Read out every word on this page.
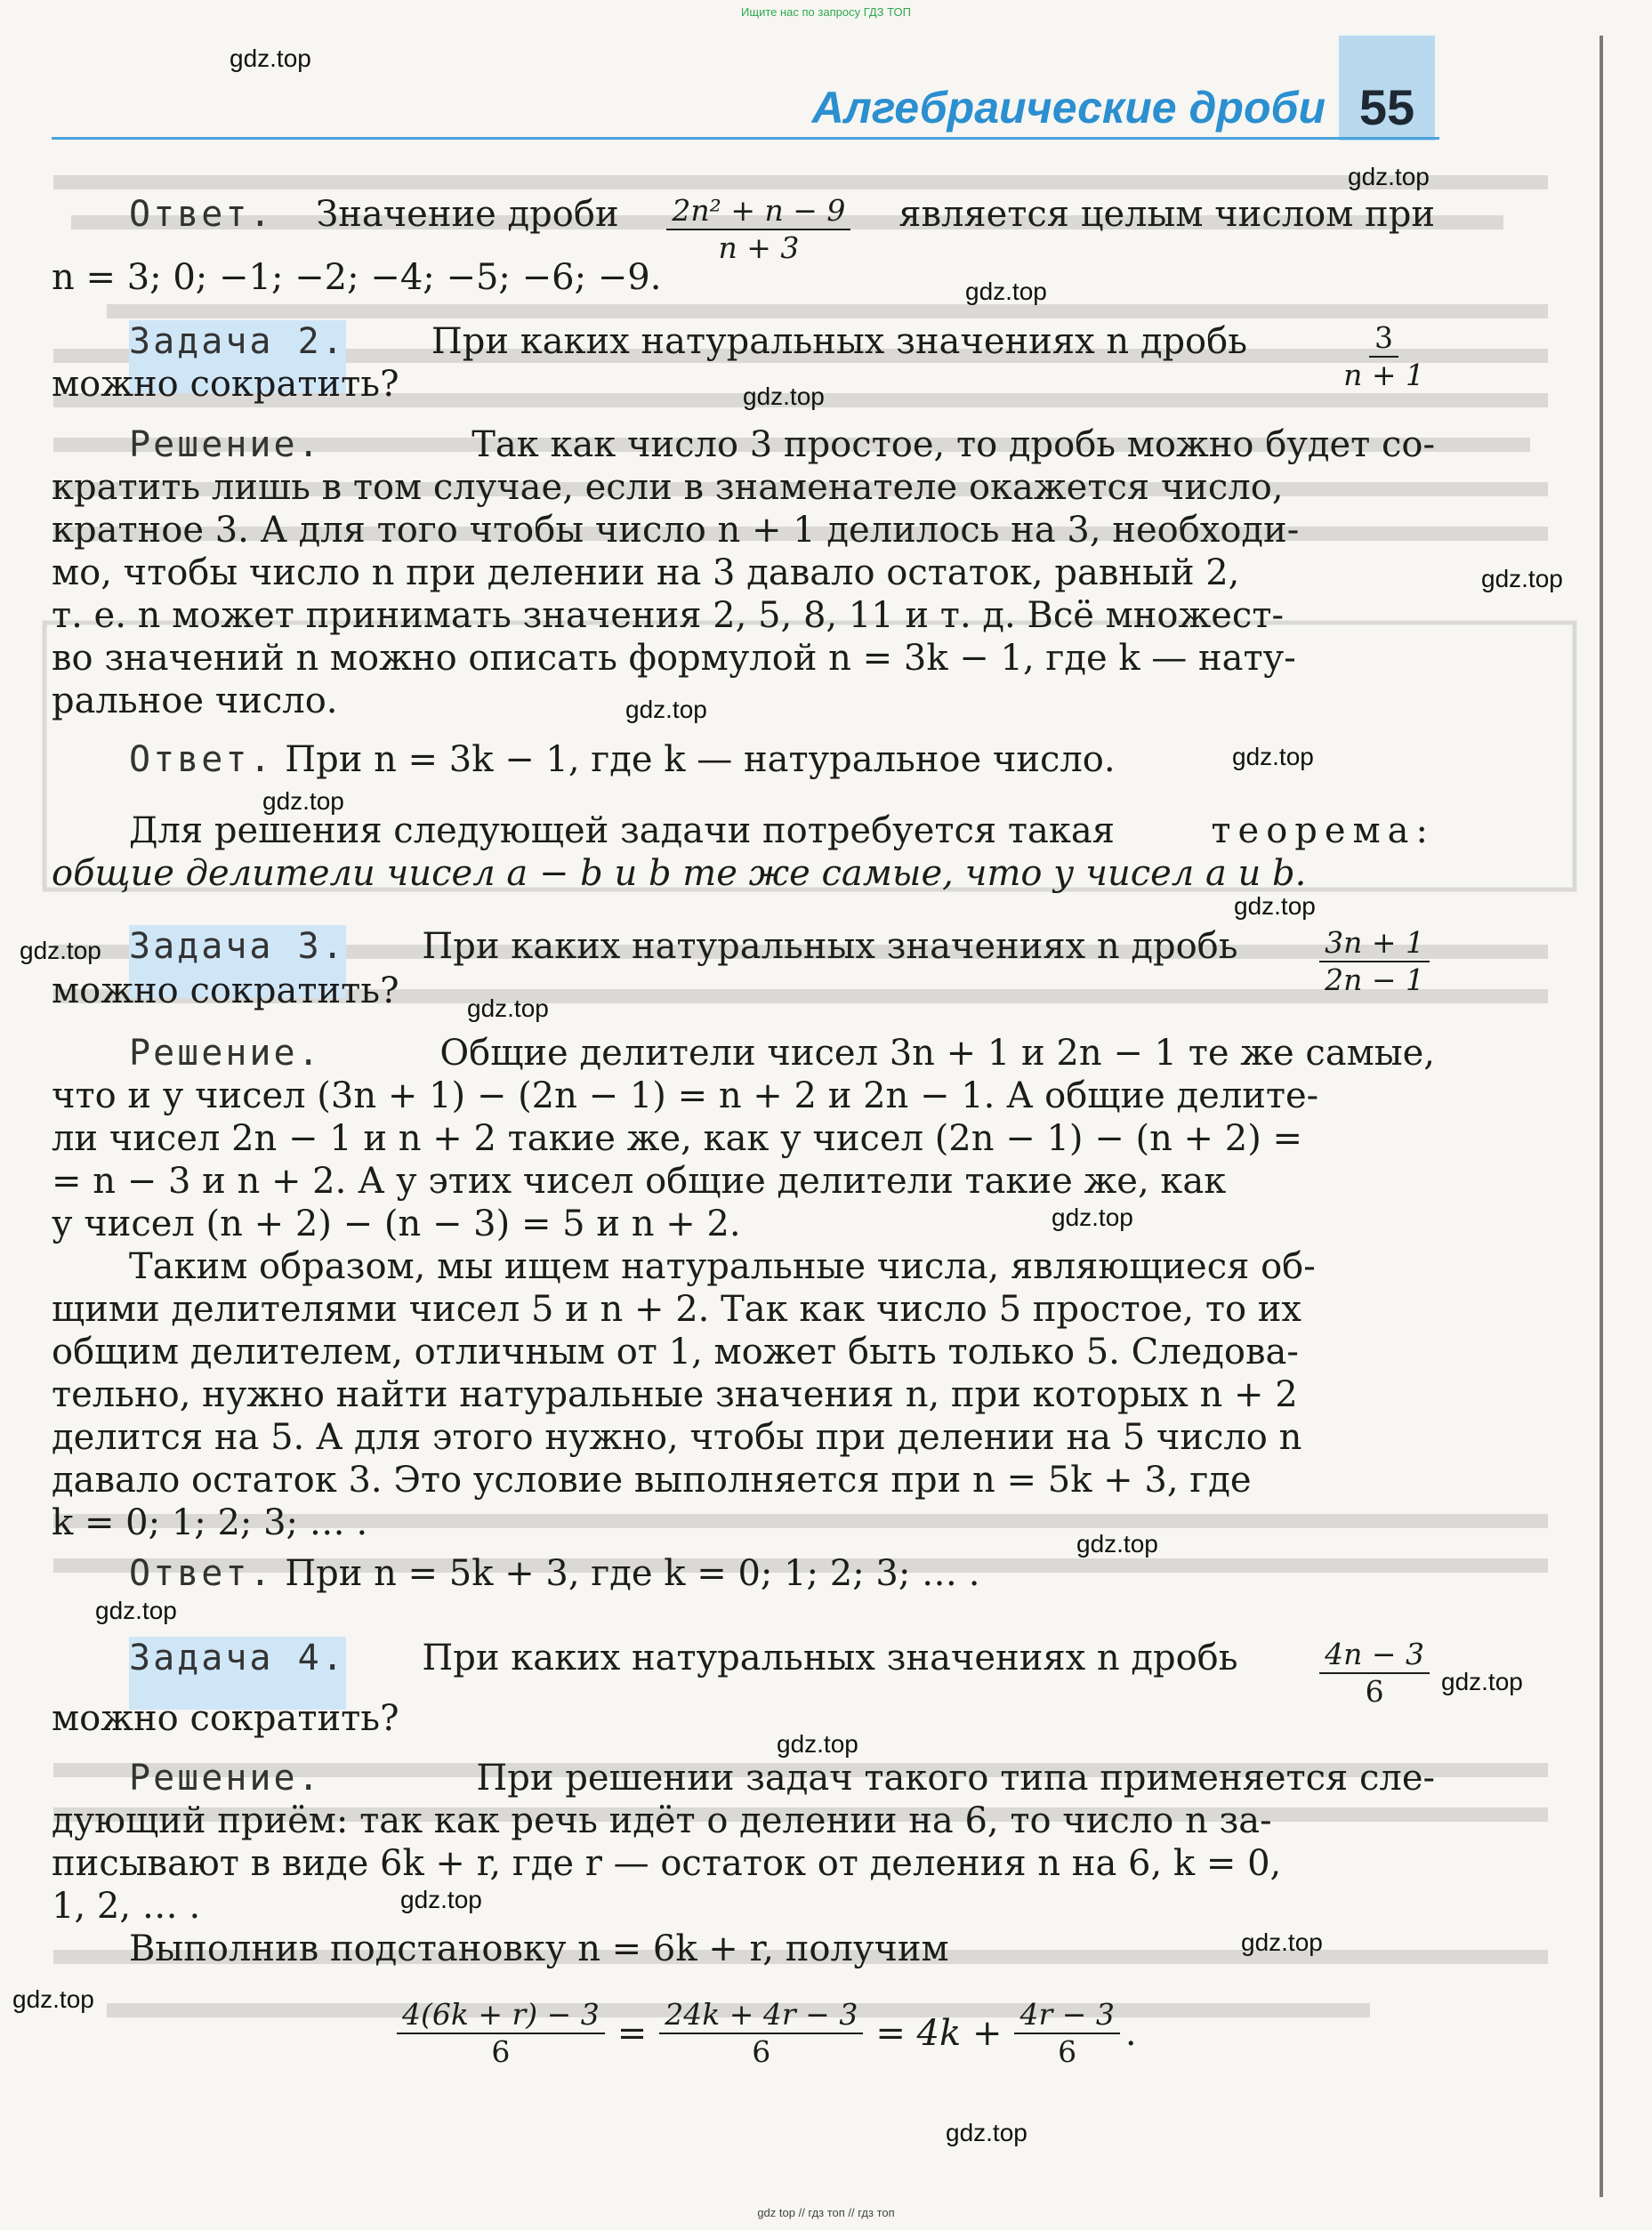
Ищите нас по запросу ГДЗ ТОП
55
Алгебраические дроби
gdz.top
gdz.top
gdz.top
gdz.top
gdz.top
gdz.top
gdz.top
gdz.top
gdz.top
gdz.top
gdz.top
gdz.top
gdz.top
gdz.top
gdz.top
gdz.top
gdz.top
gdz.top
gdz.top
gdz.top
Ответ. Значение дроби $\frac{\text{2n² + n − 9}}{n + 3}$ является целым числом при
n = 3; 0; −1; −2; −4; −5; −6; −9.
Задача 2. При каких натуральных значениях n дробь	$\frac{3}{n + 1}$
можно сократить?
Решение.	Так как число 3 простое, то дробь можно будет со-
кратить лишь в том случае, если в знаменателе окажется число,
кратное 3. А для того чтобы число n + 1 делилось на 3, необходи-
мо, чтобы число n при делении на 3 давало остаток, равный 2,
т. е. n может принимать значения 2, 5, 8, 11 и т. д. Всё множест-
во значений n можно описать формулой n = 3k − 1, где k — нату-
ральное число.
Ответ. При n = 3k − 1, где k — натуральное число.
Для решения следующей задачи потребуется такая	теорема:
общие делители чисел a − b и b те же самые, что у чисел a и b.
Задача 3. При каких натуральных значениях n дробь	$\frac{3n + 1}{2n - 1}$
можно сократить?
Решение.	Общие делители чисел 3n + 1 и 2n − 1 те же самые,
что и у чисел (3n + 1) − (2n − 1) = n + 2 и 2n − 1. А общие делите-
ли чисел 2n − 1 и n + 2 такие же, как у чисел (2n − 1) − (n + 2) =
= n − 3 и n + 2. А у этих чисел общие делители такие же, как
у чисел (n + 2) − (n − 3) = 5 и n + 2.
Таким образом, мы ищем натуральные числа, являющиеся об-
щими делителями чисел 5 и n + 2. Так как число 5 простое, то их
общим делителем, отличным от 1, может быть только 5. Следова-
тельно, нужно найти натуральные значения n, при которых n + 2
делится на 5. А для этого нужно, чтобы при делении на 5 число n
давало остаток 3. Это условие выполняется при n = 5k + 3, где
k = 0; 1; 2; 3; … .
Ответ. При n = 5k + 3, где k = 0; 1; 2; 3; … .
Задача 4. При каких натуральных значениях n дробь	$\frac{4n - 3}{6}$
можно сократить?
Решение.	При решении задач такого типа применяется сле-
дующий приём: так как речь идёт о делении на 6, то число n за-
писывают в виде 6k + r, где r — остаток от деления n на 6, k = 0,
1, 2, … .
Выполнив подстановку n = 6k + r, получим
$\frac{4(6k + r) - 3}{6} = \frac{24k + 4r - 3}{6} = 4k + \frac{4r - 3}{6}$ .
gdz top // гдз топ // гдз топ
